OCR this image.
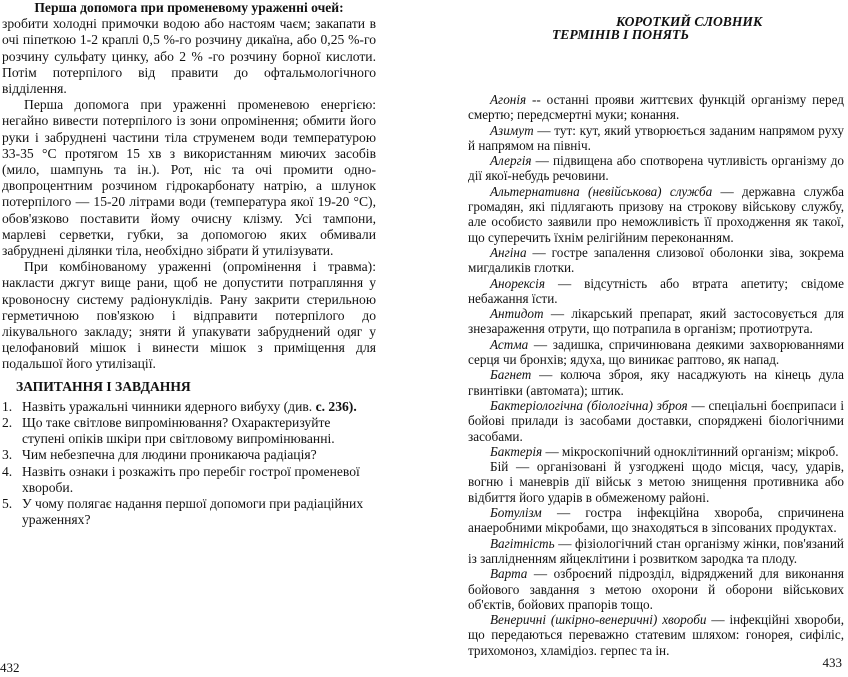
Перша допомога при променевому ураженні очей:

зробити холодні примочки водою або настоям чаєм; закапати в очі піпеткою 1-2 краплі 0,5 %-го розчину дикаїна, або 0,25 %-го розчину сульфату цинку, або 2 % -го розчину борної кислоти. Потім потерпілого від правити до офтальмологічного відділення.

Перша допомога при ураженні променевою енергією: негайно вивести потерпілого із зони опромінення; обмити його руки і забруднені частини тіла струменем води температурою 33-35 °С протягом 15 хв з використанням миючих засобів (мило, шампунь та ін.). Рот, ніс та очі промити одно-двопроцентним розчином гідрокарбонату натрію, а шлунок потерпілого — 15-20 літрами води (температура якої 19-20 °С), обов'язково поставити йому очисну клізму. Усі тампони, марлеві серветки, губки, за допомогою яких обмивали забруднені ділянки тіла, необхідно зібрати й утилізувати.

При комбінованому ураженні (опромінення і травма): накласти джгут вище рани, щоб не допустити потрапляння у кровоносну систему радіонуклідів. Рану закрити стерильною герметичною пов'язкою і відправити потерпілого до лікувального закладу; зняти й упакувати забруднений одяг у целофановий мішок і винести мішок з приміщення для подальшої його утилізації.

ЗАПИТАННЯ І ЗАВДАННЯ
1. Назвіть уражальні чинники ядерного вибуху (див. с. 236).
2. Що таке світлове випромінювання? Охарактеризуйте ступені опіків шкіри при світловому випромінюванні.
3. Чим небезпечна для людини проникаюча радіація?
4. Назвіть ознаки і розкажіть про перебіг гострої променевої хвороби.
5. У чому полягає надання першої допомоги при радіаційних ураженнях?
432
КОРОТКИЙ СЛОВНИК
ТЕРМІНІВ І ПОНЯТЬ

Агонія -- останні прояви життєвих функцій організму перед смертю; передсмертні муки; конання.

Азимут — тут: кут, який утворюється заданим напрямом руху й напрямом на північ.

Алергія — підвищена або спотворена чутливість організму до дії якої-небудь речовини.

Альтернативна (невійськова) служба — державна служба громадян, які підлягають призову на строкову військову службу, але особисто заявили про неможливість її проходження як такої, що суперечить їхнім релігійним переконанням.

Ангіна — гостре запалення слизової оболонки зіва, зокрема мигдаликів глотки.

Анорексія — відсутність або втрата апетиту; свідоме небажання їсти.

Антидот — лікарський препарат, який застосовується для знезараження отрути, що потрапила в організм; протиотрута.

Астма — задишка, спричинювана деякими захворюваннями серця чи бронхів; ядуха, що виникає раптово, як напад.

Багнет — колюча зброя, яку насаджують на кінець дула гвинтівки (автомата); штик.

Бактеріологічна (біологічна) зброя — спеціальні боєприпаси і бойові прилади із засобами доставки, споряджені біологічними засобами.

Бактерія — мікроскопічний одноклітинний організм; мікроб.

Бій — організовані й узгоджені щодо місця, часу, ударів, вогню і маневрів дії військ з метою знищення противника або відбиття його ударів в обмеженому районі.

Ботулізм — гостра інфекційна хвороба, спричинена анаеробними мікробами, що знаходяться в зіпсованих продуктах.

Вагітність — фізіологічний стан організму жінки, пов'язаний із заплідненням яйцеклітини і розвитком зародка та плоду.

Варта — озброєний підрозділ, відряджений для виконання бойового завдання з метою охорони й оборони військових об'єктів, бойових прапорів тощо.

Венеричні (шкірно-венеричні) хвороби — інфекційні хвороби, що передаються переважно статевим шляхом: гонорея, сифіліс, трихомоноз, хламідіоз. герпес та ін.

433
